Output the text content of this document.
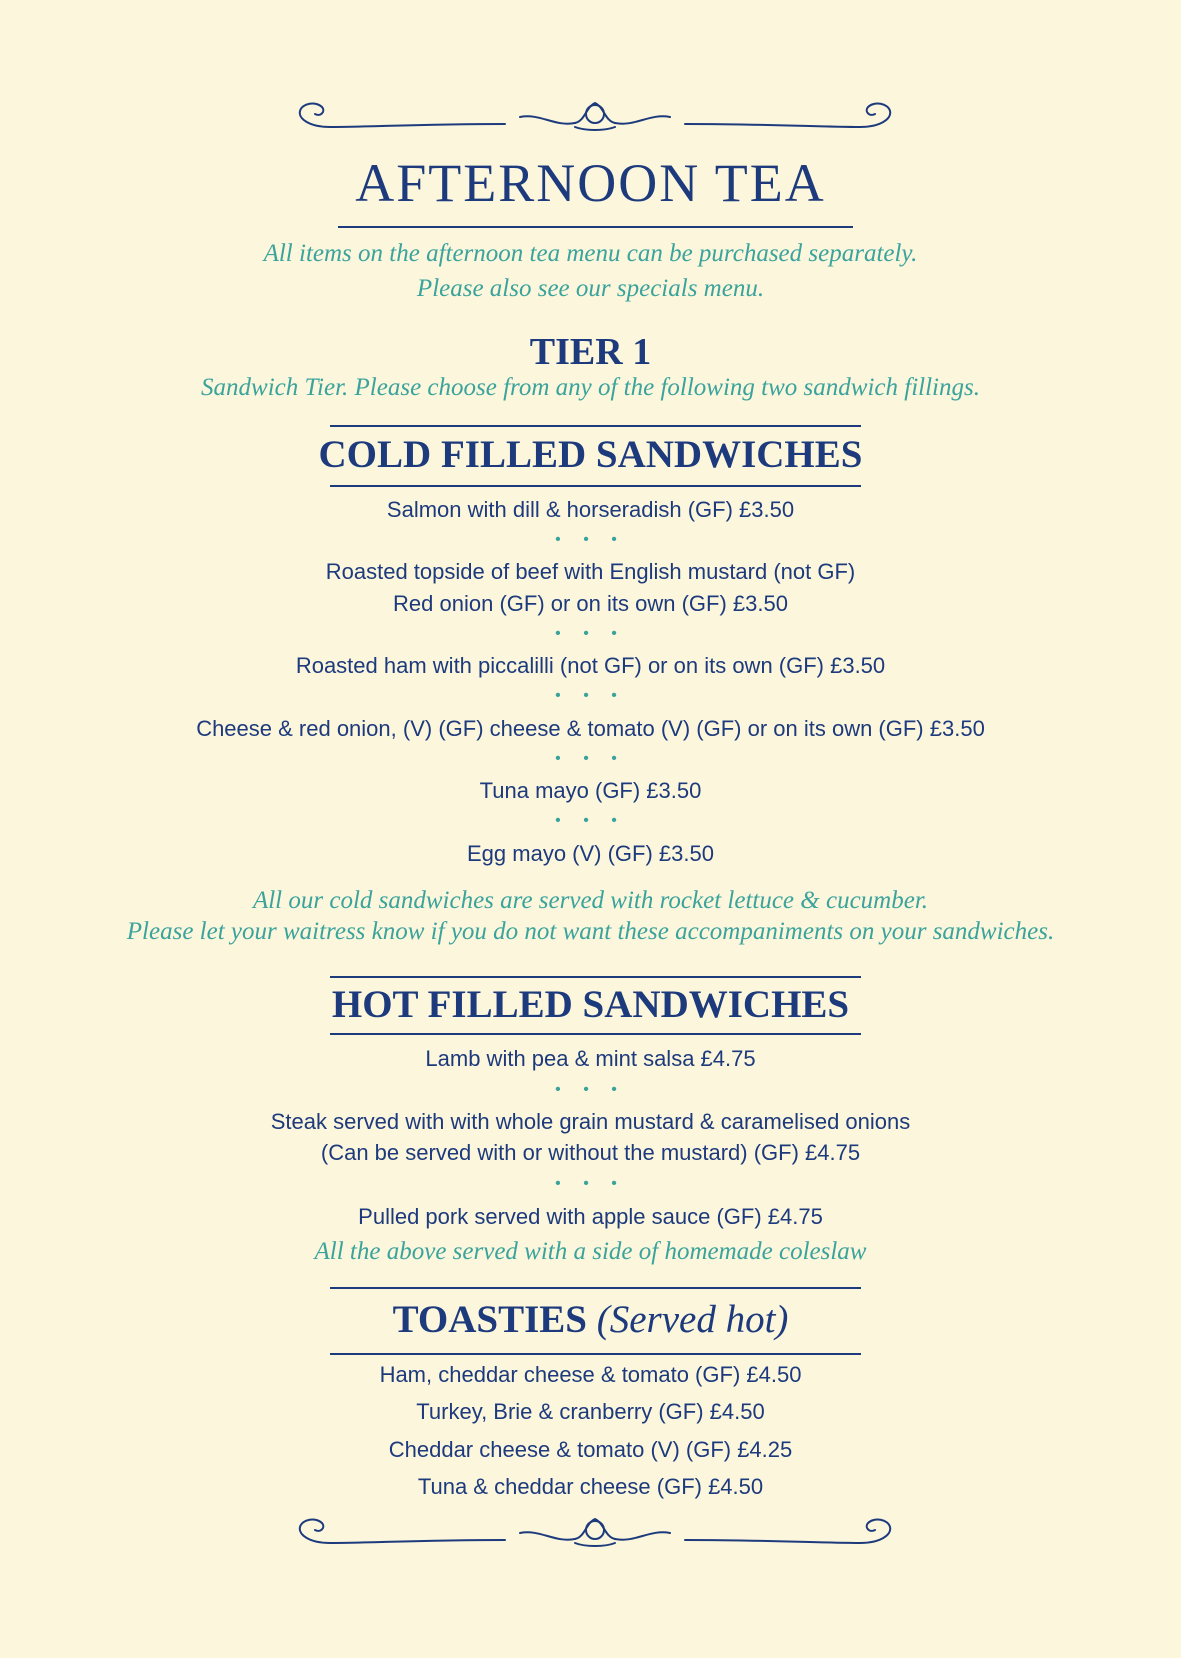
AFTERNOON TEA
All items on the afternoon tea menu can be purchased separately.
Please also see our specials menu.
TIER 1
Sandwich Tier. Please choose from any of the following two sandwich fillings.
COLD FILLED SANDWICHES
Salmon with dill & horseradish (GF) £3.50
• • •
Roasted topside of beef with English mustard (not GF)
Red onion (GF) or on its own (GF) £3.50
• • •
Roasted ham with piccalilli (not GF) or on its own (GF) £3.50
• • •
Cheese & red onion, (V) (GF) cheese & tomato (V) (GF) or on its own (GF) £3.50
• • •
Tuna mayo (GF) £3.50
• • •
Egg mayo (V) (GF) £3.50
All our cold sandwiches are served with rocket lettuce & cucumber.
Please let your waitress know if you do not want these accompaniments on your sandwiches.
HOT FILLED SANDWICHES
Lamb with pea & mint salsa £4.75
• • •
Steak served with with whole grain mustard & caramelised onions
(Can be served with or without the mustard) (GF) £4.75
• • •
Pulled pork served with apple sauce (GF) £4.75
All the above served with a side of homemade coleslaw
TOASTIES (Served hot)
Ham, cheddar cheese & tomato (GF) £4.50
Turkey, Brie & cranberry (GF) £4.50
Cheddar cheese & tomato (V) (GF) £4.25
Tuna & cheddar cheese (GF) £4.50
